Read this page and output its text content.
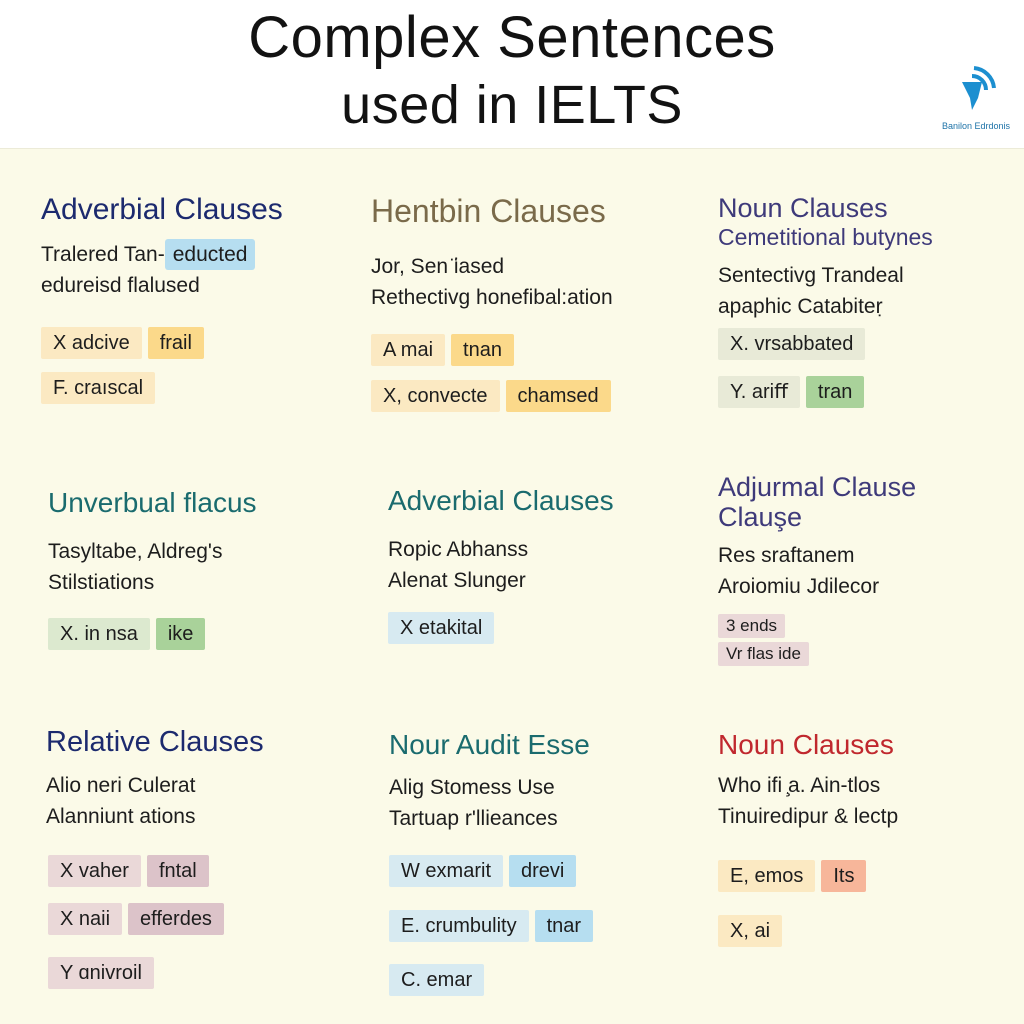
Complex Sentences
used in IELTS	Banilon Edrdonis
Adverbial Clauses
Tralered Tan- educted
edureisd flalused
X adcive frail
F. craıscal
Hentbin Clauses
Jor, Sen ̈iased
Rethectivg honefibal:ation
A mai tnan
X, convecte chamsed
Noun Clauses
Cemetitional butynes
Sentectivg Trandeal
apaphic Catabiteṛ
X. vrsabbated
Y. ariﬀ tran
Unverbual flacus
Tasyltabe, Aldreg's
Stilstiations
X. in nsa ike
Adverbial Clauses
Ropic Abhanss
Alenat Slunger
X etakital
Adjurmal Clause
Clauşe
Res sraftanem
Aroiomiu Jdilecor
3 ends
Vr flas ide
Relative Clauses
Alio neri Culerat
Alanniunt ations
X vaher fntal
X naii efferdes
Y ɑnivroil
Nour Audit Esse
Alig Stomess Use
Tartuap r'llieances
W exmarit drevi
E. crumbulity tnar
C. emar
Noun Clauses
Who ifi ̧a. Ain-tlos
Tinuiredipur & lectp
E, emos Its
X, ai
